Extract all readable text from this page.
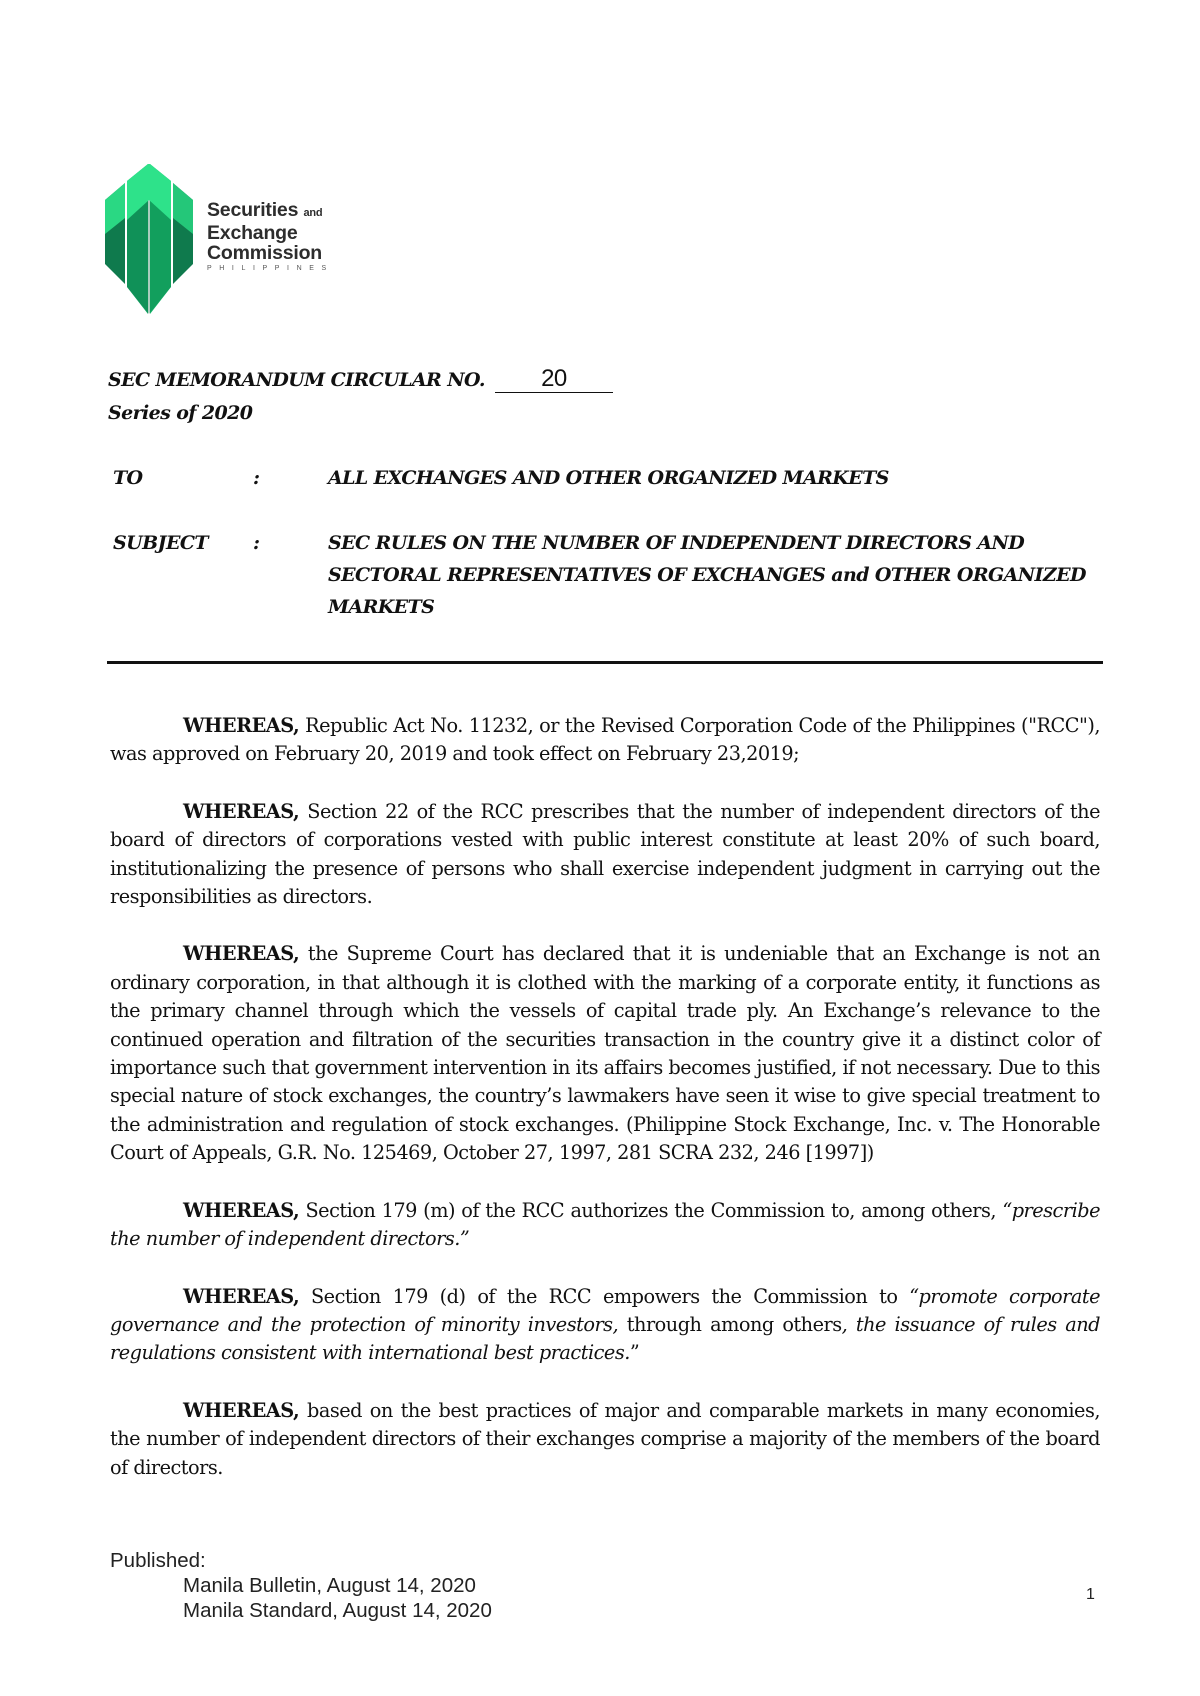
Securities and
Exchange
Commission
PHILIPPINES
SEC MEMORANDUM CIRCULAR NO. 20
Series of 2020
TO	:	ALL EXCHANGES AND OTHER ORGANIZED MARKETS
SUBJECT	:	SEC RULES ON THE NUMBER OF INDEPENDENT DIRECTORS AND SECTORAL REPRESENTATIVES OF EXCHANGES and OTHER ORGANIZED MARKETS

WHEREAS, Republic Act No. 11232, or the Revised Corporation Code of the Philippines ("RCC"), was approved on February 20, 2019 and took effect on February 23,2019;

WHEREAS, Section 22 of the RCC prescribes that the number of independent directors of the board of directors of corporations vested with public interest constitute at least 20% of such board, institutionalizing the presence of persons who shall exercise independent judgment in carrying out the responsibilities as directors.

WHEREAS, the Supreme Court has declared that it is undeniable that an Exchange is not an ordinary corporation, in that although it is clothed with the marking of a corporate entity, it functions as the primary channel through which the vessels of capital trade ply. An Exchange’s relevance to the continued operation and filtration of the securities transaction in the country give it a distinct color of importance such that government intervention in its affairs becomes justified, if not necessary. Due to this special nature of stock exchanges, the country’s lawmakers have seen it wise to give special treatment to the administration and regulation of stock exchanges. (Philippine Stock Exchange, Inc. v. The Honorable Court of Appeals, G.R. No. 125469, October 27, 1997, 281 SCRA 232, 246 [1997])

WHEREAS, Section 179 (m) of the RCC authorizes the Commission to, among others, “prescribe the number of independent directors.”

WHEREAS, Section 179 (d) of the RCC empowers the Commission to “promote corporate governance and the protection of minority investors, through among others, the issuance of rules and regulations consistent with international best practices.”

WHEREAS, based on the best practices of major and comparable markets in many economies, the number of independent directors of their exchanges comprise a majority of the members of the board of directors.

Published:
Manila Bulletin, August 14, 2020
Manila Standard, August 14, 2020
1
